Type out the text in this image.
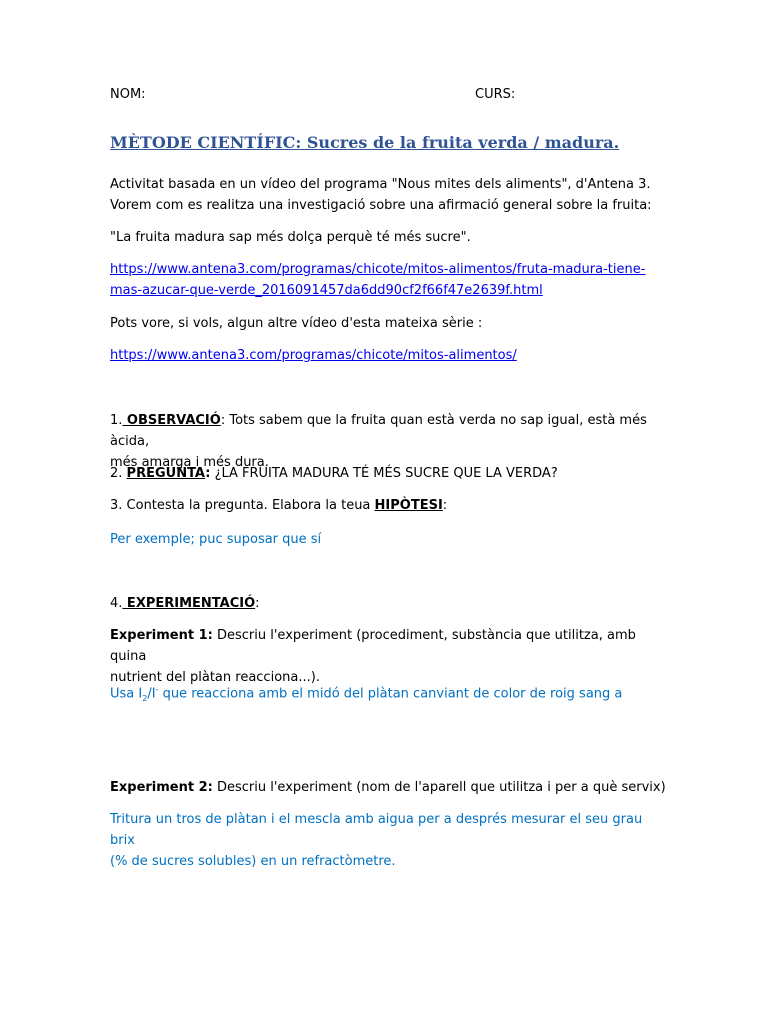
NOM:	CURS:
MÈTODE CIENTÍFIC: Sucres de la fruita verda / madura.
Activitat basada en un vídeo del programa "Nous mites dels aliments", d'Antena 3.
Vorem com es realitza una investigació sobre una afirmació general sobre la fruita:
"La fruita madura sap més dolça perquè té més sucre".
https://www.antena3.com/programas/chicote/mitos-alimentos/fruta-madura-tiene-
mas-azucar-que-verde_2016091457da6dd90cf2f66f47e2639f.html
Pots vore, si vols, algun altre vídeo d'esta mateixa sèrie :
https://www.antena3.com/programas/chicote/mitos-alimentos/
1. OBSERVACIÓ: Tots sabem que la fruita quan està verda no sap igual, està més àcida,
més amarga i més dura.
2. PREGUNTA: ¿LA FRUITA MADURA TÉ MÉS SUCRE QUE LA VERDA?
3. Contesta la pregunta. Elabora la teua HIPÒTESI:
Per exemple; puc suposar que sí
4. EXPERIMENTACIÓ:
Experiment 1: Descriu l'experiment (procediment, substància que utilitza, amb quina
nutrient del plàtan reacciona...).
Usa $I_2/I^-$ que reacciona amb el midó del plàtan canviant de color de roig sang a
Experiment 2: Descriu l'experiment (nom de l'aparell que utilitza i per a què servix)
Tritura un tros de plàtan i el mescla amb aigua per a després mesurar el seu grau brix
(% de sucres solubles) en un refractòmetre.
